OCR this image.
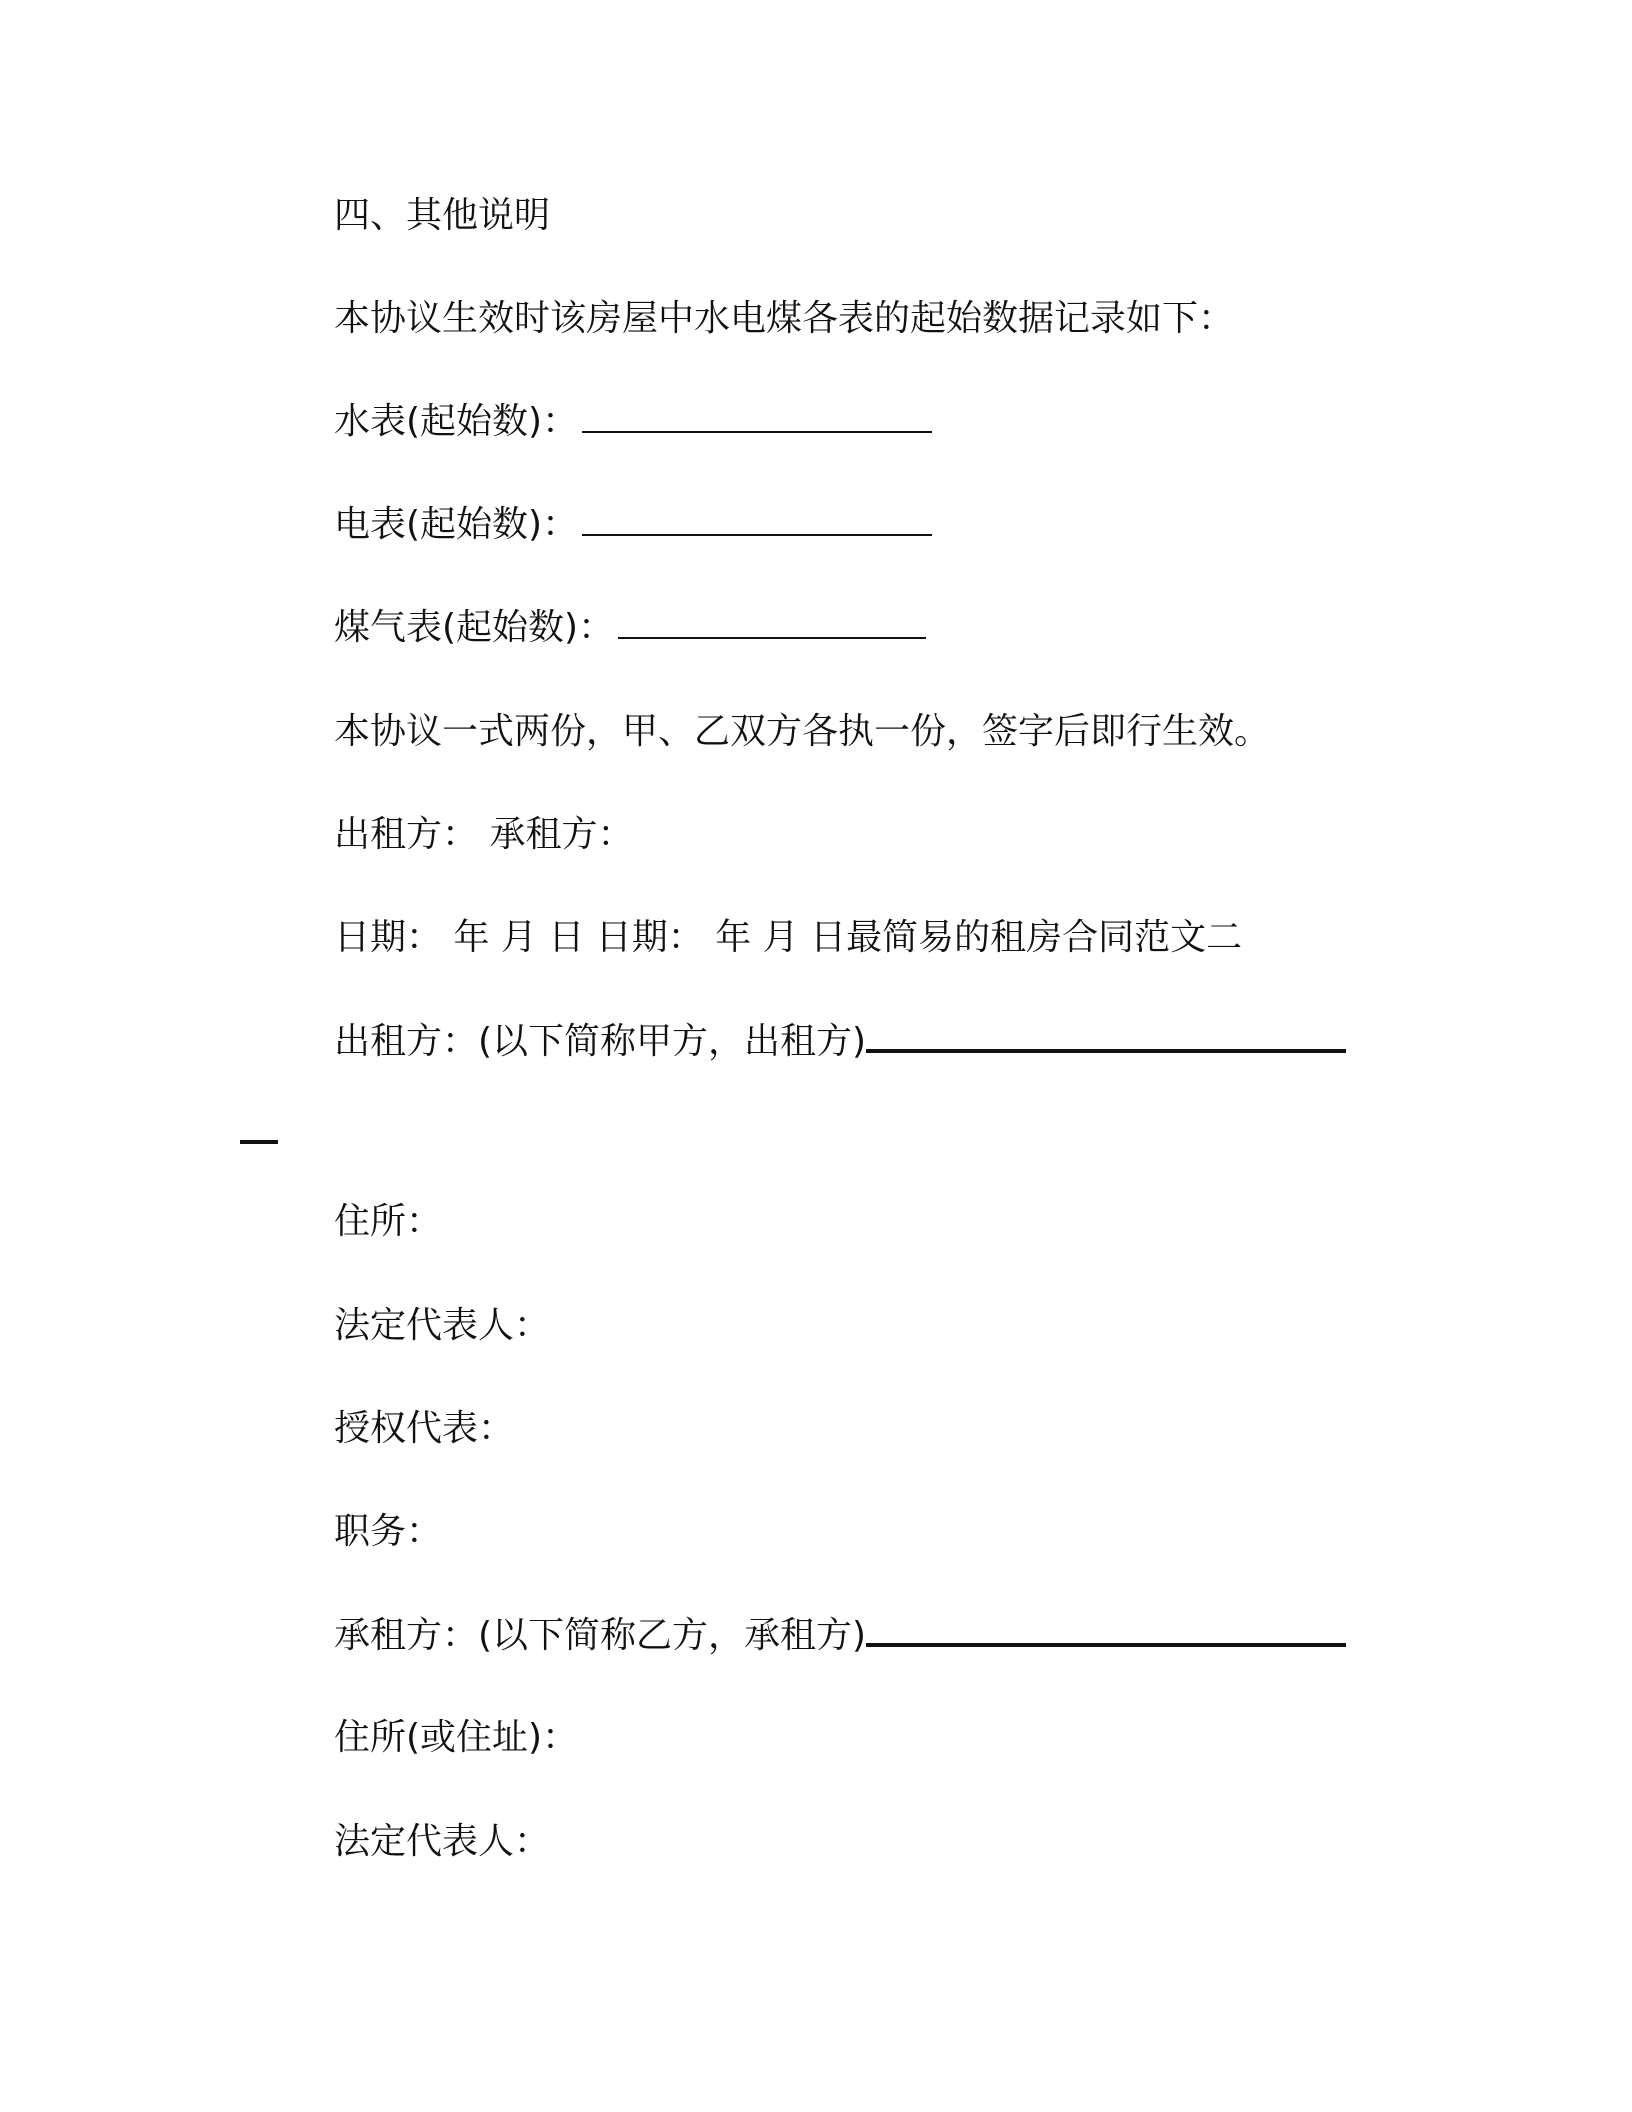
四、其他说明
本协议生效时该房屋中水电煤各表的起始数据记录如下：
水表(起始数)：
电表(起始数)：
煤气表(起始数)：
本协议一式两份，甲、乙双方各执一份，签字后即行生效。
出租方： 承租方：
日期： 年 月 日 日期： 年 月 日最简易的租房合同范文二
出租方：(以下简称甲方，出租方)
住所：
法定代表人：
授权代表：
职务：
承租方：(以下简称乙方，承租方)
住所(或住址)：
法定代表人：
